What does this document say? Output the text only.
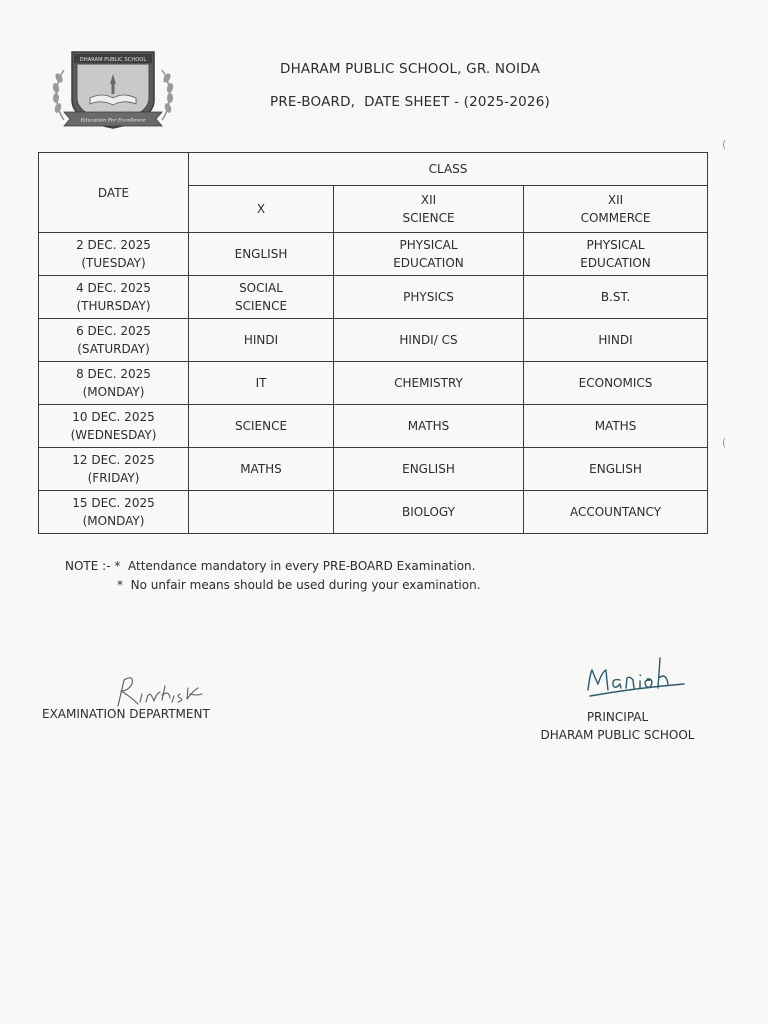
DHARAM PUBLIC SCHOOL
Education For Excellence
DHARAM PUBLIC SCHOOL, GR. NOIDA
PRE-BOARD,  DATE SHEET - (2025-2026)
DATE	CLASS		

	X	XII
SCIENCE	XII
COMMERCE

2 DEC. 2025
(TUESDAY)	ENGLISH	PHYSICAL
EDUCATION	PHYSICAL
EDUCATION

4 DEC. 2025
(THURSDAY)	SOCIAL
SCIENCE	PHYSICS	B.ST.

6 DEC. 2025
(SATURDAY)	HINDI	HINDI/ CS	HINDI

8 DEC. 2025
(MONDAY)	IT	CHEMISTRY	ECONOMICS

10 DEC. 2025
(WEDNESDAY)	SCIENCE	MATHS	MATHS

12 DEC. 2025
(FRIDAY)	MATHS	ENGLISH	ENGLISH

15 DEC. 2025
(MONDAY)		BIOLOGY	ACCOUNTANCY
NOTE :- *  Attendance mandatory in every PRE-BOARD Examination.
*  No unfair means should be used during your examination.
EXAMINATION DEPARTMENT	PRINCIPAL
DHARAM PUBLIC SCHOOL
(
(
